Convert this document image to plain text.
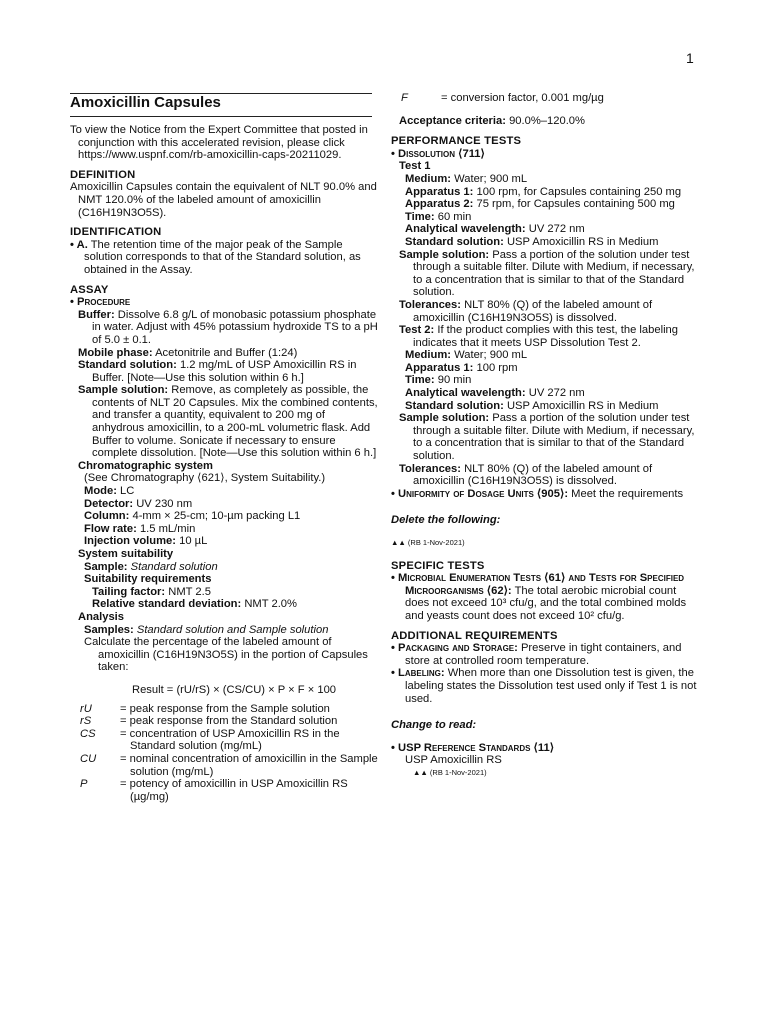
1
Amoxicillin Capsules
To view the Notice from the Expert Committee that posted in conjunction with this accelerated revision, please click https://www.uspnf.com/rb-amoxicillin-caps-20211029.
DEFINITION
Amoxicillin Capsules contain the equivalent of NLT 90.0% and NMT 120.0% of the labeled amount of amoxicillin (C16H19N3O5S).
IDENTIFICATION
• A. The retention time of the major peak of the Sample solution corresponds to that of the Standard solution, as obtained in the Assay.
ASSAY
• Procedure
Buffer: Dissolve 6.8 g/L of monobasic potassium phosphate in water. Adjust with 45% potassium hydroxide TS to a pH of 5.0 ± 0.1.
Mobile phase: Acetonitrile and Buffer (1:24)
Standard solution: 1.2 mg/mL of USP Amoxicillin RS in Buffer. [Note—Use this solution within 6 h.]
Sample solution: Remove, as completely as possible, the contents of NLT 20 Capsules. Mix the combined contents, and transfer a quantity, equivalent to 200 mg of anhydrous amoxicillin, to a 200-mL volumetric flask. Add Buffer to volume. Sonicate if necessary to ensure complete dissolution. [Note—Use this solution within 6 h.]
Chromatographic system
(See Chromatography ⟨621⟩, System Suitability.)
Mode: LC
Detector: UV 230 nm
Column: 4-mm × 25-cm; 10-µm packing L1
Flow rate: 1.5 mL/min
Injection volume: 10 µL
System suitability
Sample: Standard solution
Suitability requirements
Tailing factor: NMT 2.5
Relative standard deviation: NMT 2.0%
Analysis
Samples: Standard solution and Sample solution
Calculate the percentage of the labeled amount of amoxicillin (C16H19N3O5S) in the portion of Capsules taken:
Result = (rU/rS) × (CS/CU) × P × F × 100
rU	= peak response from the Sample solution
rS	= peak response from the Standard solution
CS	= concentration of USP Amoxicillin RS in the Standard solution (mg/mL)
CU	= nominal concentration of amoxicillin in the Sample solution (mg/mL)
P	= potency of amoxicillin in USP Amoxicillin RS (µg/mg)
F	= conversion factor, 0.001 mg/µg
Acceptance criteria: 90.0%–120.0%
PERFORMANCE TESTS
• Dissolution ⟨711⟩
Test 1
Medium: Water; 900 mL
Apparatus 1: 100 rpm, for Capsules containing 250 mg
Apparatus 2: 75 rpm, for Capsules containing 500 mg
Time: 60 min
Analytical wavelength: UV 272 nm
Standard solution: USP Amoxicillin RS in Medium
Sample solution: Pass a portion of the solution under test through a suitable filter. Dilute with Medium, if necessary, to a concentration that is similar to that of the Standard solution.
Tolerances: NLT 80% (Q) of the labeled amount of amoxicillin (C16H19N3O5S) is dissolved.
Test 2: If the product complies with this test, the labeling indicates that it meets USP Dissolution Test 2.
Medium: Water; 900 mL
Apparatus 1: 100 rpm
Time: 90 min
Analytical wavelength: UV 272 nm
Standard solution: USP Amoxicillin RS in Medium
Sample solution: Pass a portion of the solution under test through a suitable filter. Dilute with Medium, if necessary, to a concentration that is similar to that of the Standard solution.
Tolerances: NLT 80% (Q) of the labeled amount of amoxicillin (C16H19N3O5S) is dissolved.
• Uniformity of Dosage Units ⟨905⟩: Meet the requirements
Delete the following:
▲▲ (RB 1-Nov-2021)
SPECIFIC TESTS
• Microbial Enumeration Tests ⟨61⟩ and Tests for Specified Microorganisms ⟨62⟩: The total aerobic microbial count does not exceed 10³ cfu/g, and the total combined molds and yeasts count does not exceed 10² cfu/g.
ADDITIONAL REQUIREMENTS
• Packaging and Storage: Preserve in tight containers, and store at controlled room temperature.
• Labeling: When more than one Dissolution test is given, the labeling states the Dissolution test used only if Test 1 is not used.
Change to read:
• USP Reference Standards ⟨11⟩
USP Amoxicillin RS
▲▲ (RB 1-Nov-2021)
